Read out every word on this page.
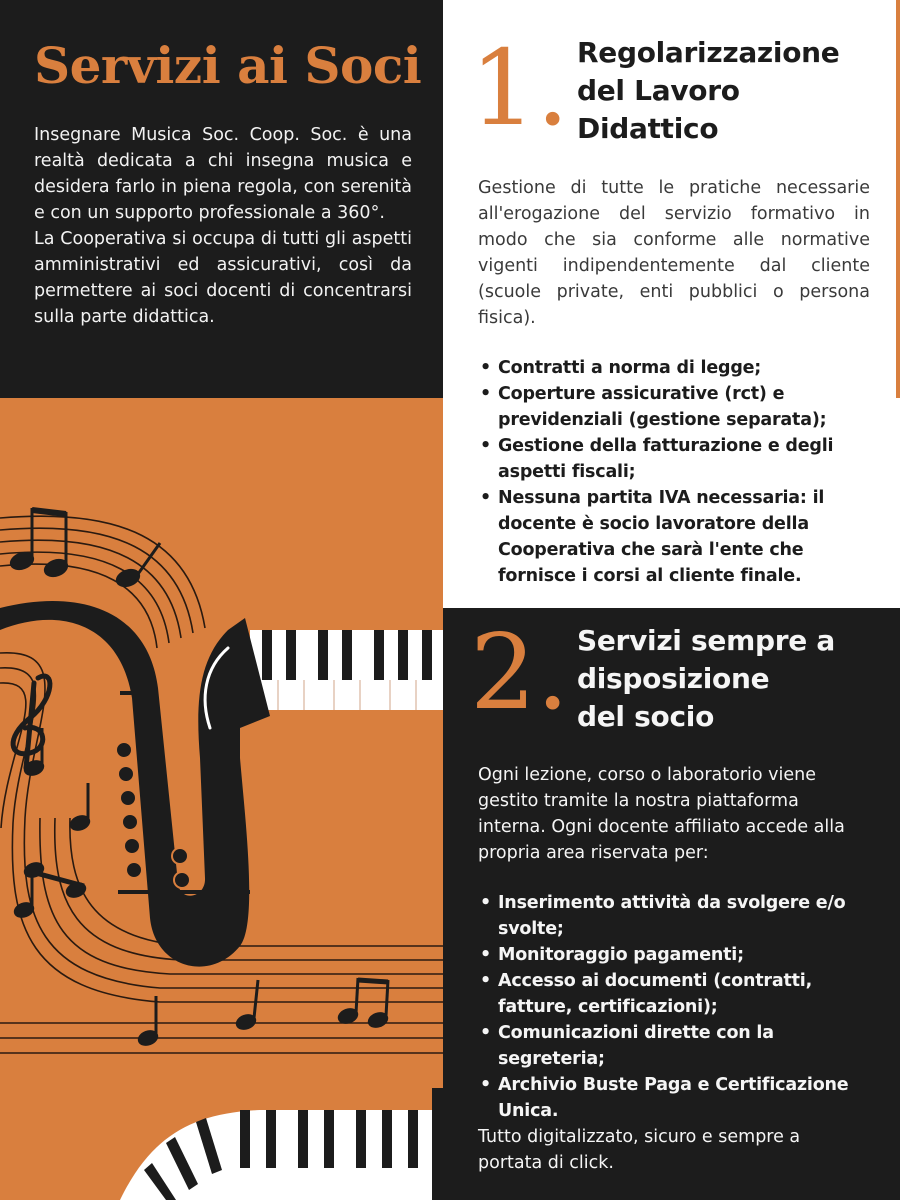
Servizi ai Soci

Insegnare Musica Soc. Coop. Soc. è una realtà dedicata a chi insegna musica e desidera farlo in piena regola, con serenità e con un supporto professionale a 360°.

La Cooperativa si occupa di tutti gli aspetti amministrativi ed assicurativi, così da permettere ai soci docenti di concentrarsi sulla parte didattica.

1. Regolarizzazione
del Lavoro
Didattico

Gestione di tutte le pratiche necessarie all'erogazione del servizio formativo in modo che sia conforme alle normative vigenti indipendentemente dal cliente (scuole private, enti pubblici o persona fisica).

• Contratti a norma di legge;
• Coperture assicurative (rct) e previdenziali (gestione separata);
• Gestione della fatturazione e degli aspetti fiscali;
• Nessuna partita IVA necessaria: il docente è socio lavoratore della Cooperativa che sarà l'ente che fornisce i corsi al cliente finale.
2. Servizi sempre a
disposizione
del socio

Ogni lezione, corso o laboratorio viene gestito tramite la nostra piattaforma interna. Ogni docente affiliato accede alla propria area riservata per:

• Inserimento attività da svolgere e/o svolte;
• Monitoraggio pagamenti;
• Accesso ai documenti (contratti, fatture, certificazioni);
• Comunicazioni dirette con la segreteria;
• Archivio Buste Paga e Certificazione Unica.

Tutto digitalizzato, sicuro e sempre a portata di click.
